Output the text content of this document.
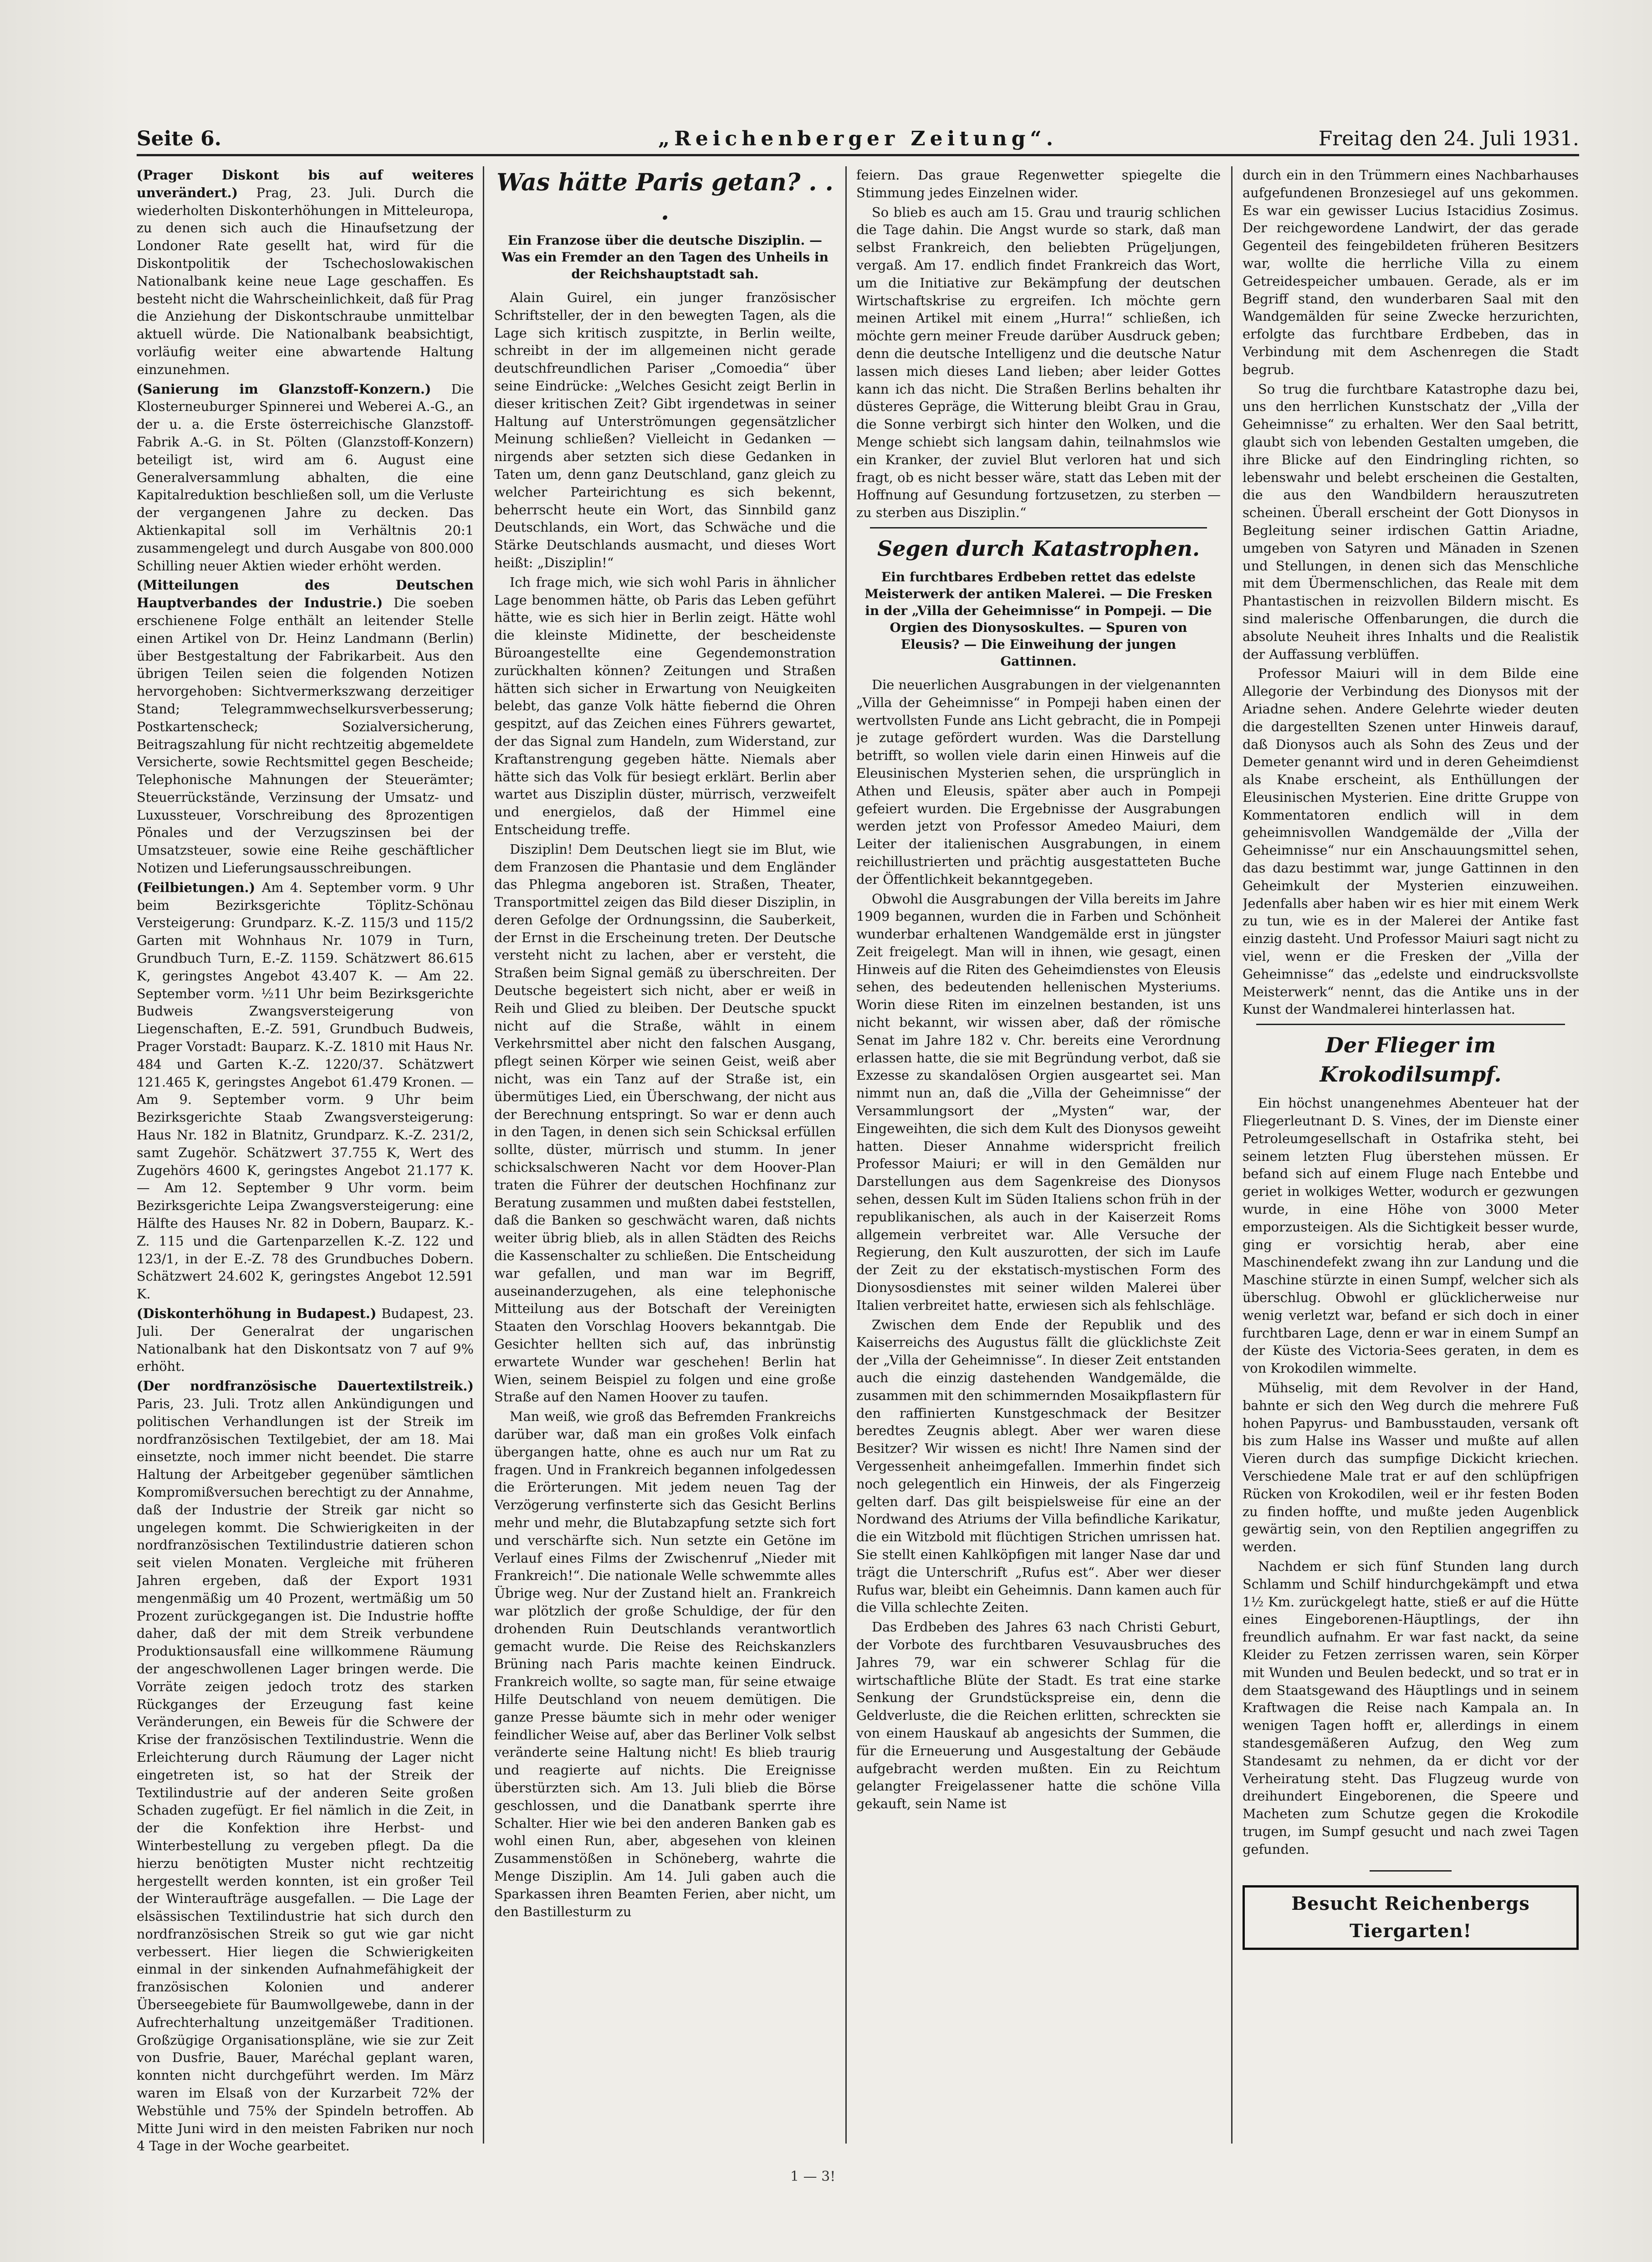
Seite 6.	„Reichenberger Zeitung“.	Freitag den 24. Juli 1931.

(Prager Diskont bis auf weiteres unverändert.) Prag, 23. Juli. Durch die wiederholten Diskonterhöhungen in Mitteleuropa, zu denen sich auch die Hinaufsetzung der Londoner Rate gesellt hat, wird für die Diskontpolitik der Tschechoslowakischen Nationalbank keine neue Lage geschaffen. Es besteht nicht die Wahrscheinlichkeit, daß für Prag die Anziehung der Diskontschraube unmittelbar aktuell würde. Die Nationalbank beabsichtigt, vorläufig weiter eine abwartende Haltung einzunehmen.

(Sanierung im Glanzstoff-Konzern.) Die Klosterneuburger Spinnerei und Weberei A.-G., an der u. a. die Erste österreichische Glanzstoff-Fabrik A.-G. in St. Pölten (Glanzstoff-Konzern) beteiligt ist, wird am 6. August eine Generalversammlung abhalten, die eine Kapitalreduktion beschließen soll, um die Verluste der vergangenen Jahre zu decken. Das Aktienkapital soll im Verhältnis 20:1 zusammengelegt und durch Ausgabe von 800.000 Schilling neuer Aktien wieder erhöht werden.

(Mitteilungen des Deutschen Hauptverbandes der Industrie.) Die soeben erschienene Folge enthält an leitender Stelle einen Artikel von Dr. Heinz Landmann (Berlin) über Bestgestaltung der Fabrikarbeit. Aus den übrigen Teilen seien die folgenden Notizen hervorgehoben: Sichtvermerkszwang derzeitiger Stand; Telegrammwechselkursverbesserung; Postkartenscheck; Sozialversicherung, Beitragszahlung für nicht rechtzeitig abgemeldete Versicherte, sowie Rechtsmittel gegen Bescheide; Telephonische Mahnungen der Steuerämter; Steuerrückstände, Verzinsung der Umsatz- und Luxussteuer, Vorschreibung des 8prozentigen Pönales und der Verzugszinsen bei der Umsatzsteuer, sowie eine Reihe geschäftlicher Notizen und Lieferungsausschreibungen.

(Feilbietungen.) Am 4. September vorm. 9 Uhr beim Bezirksgerichte Töplitz-Schönau Versteigerung: Grundparz. K.-Z. 115/3 und 115/2 Garten mit Wohnhaus Nr. 1079 in Turn, Grundbuch Turn, E.-Z. 1159. Schätzwert 86.615 K, geringstes Angebot 43.407 K. — Am 22. September vorm. ½11 Uhr beim Bezirksgerichte Budweis Zwangsversteigerung von Liegenschaften, E.-Z. 591, Grundbuch Budweis, Prager Vorstadt: Bauparz. K.-Z. 1810 mit Haus Nr. 484 und Garten K.-Z. 1220/37. Schätzwert 121.465 K, geringstes Angebot 61.479 Kronen. — Am 9. September vorm. 9 Uhr beim Bezirksgerichte Staab Zwangsversteigerung: Haus Nr. 182 in Blatnitz, Grundparz. K.-Z. 231/2, samt Zugehör. Schätzwert 37.755 K, Wert des Zugehörs 4600 K, geringstes Angebot 21.177 K. — Am 12. September 9 Uhr vorm. beim Bezirksgerichte Leipa Zwangsversteigerung: eine Hälfte des Hauses Nr. 82 in Dobern, Bauparz. K.-Z. 115 und die Gartenparzellen K.-Z. 122 und 123/1, in der E.-Z. 78 des Grundbuches Dobern. Schätzwert 24.602 K, geringstes Angebot 12.591 K.

(Diskonterhöhung in Budapest.) Budapest, 23. Juli. Der Generalrat der ungarischen Nationalbank hat den Diskontsatz von 7 auf 9% erhöht.

(Der nordfranzösische Dauertextilstreik.) Paris, 23. Juli. Trotz allen Ankündigungen und politischen Verhandlungen ist der Streik im nordfranzösischen Textilgebiet, der am 18. Mai einsetzte, noch immer nicht beendet. Die starre Haltung der Arbeitgeber gegenüber sämtlichen Kompromißversuchen berechtigt zu der Annahme, daß der Industrie der Streik gar nicht so ungelegen kommt. Die Schwierigkeiten in der nordfranzösischen Textilindustrie datieren schon seit vielen Monaten. Vergleiche mit früheren Jahren ergeben, daß der Export 1931 mengenmäßig um 40 Prozent, wertmäßig um 50 Prozent zurückgegangen ist. Die Industrie hoffte daher, daß der mit dem Streik verbundene Produktionsausfall eine willkommene Räumung der angeschwollenen Lager bringen werde. Die Vorräte zeigen jedoch trotz des starken Rückganges der Erzeugung fast keine Veränderungen, ein Beweis für die Schwere der Krise der französischen Textilindustrie. Wenn die Erleichterung durch Räumung der Lager nicht eingetreten ist, so hat der Streik der Textilindustrie auf der anderen Seite großen Schaden zugefügt. Er fiel nämlich in die Zeit, in der die Konfektion ihre Herbst- und Winterbestellung zu vergeben pflegt. Da die hierzu benötigten Muster nicht rechtzeitig hergestellt werden konnten, ist ein großer Teil der Winteraufträge ausgefallen. — Die Lage der elsässischen Textilindustrie hat sich durch den nordfranzösischen Streik so gut wie gar nicht verbessert. Hier liegen die Schwierigkeiten einmal in der sinkenden Aufnahmefähigkeit der französischen Kolonien und anderer Überseegebiete für Baumwollgewebe, dann in der Aufrechterhaltung unzeitgemäßer Traditionen. Großzügige Organisationspläne, wie sie zur Zeit von Dusfrie, Bauer, Maréchal geplant waren, konnten nicht durchgeführt werden. Im März waren im Elsaß von der Kurzarbeit 72% der Webstühle und 75% der Spindeln betroffen. Ab Mitte Juni wird in den meisten Fabriken nur noch 4 Tage in der Woche gearbeitet.

Was hätte Paris getan? . . .
Ein Franzose über die deutsche Disziplin. — Was ein Fremder an den Tagen des Unheils in der Reichshauptstadt sah.

Alain Guirel, ein junger französischer Schriftsteller, der in den bewegten Tagen, als die Lage sich kritisch zuspitzte, in Berlin weilte, schreibt in der im allgemeinen nicht gerade deutschfreundlichen Pariser „Comoedia“ über seine Eindrücke: „Welches Gesicht zeigt Berlin in dieser kritischen Zeit? Gibt irgendetwas in seiner Haltung auf Unterströmungen gegensätzlicher Meinung schließen? Vielleicht in Gedanken — nirgends aber setzten sich diese Gedanken in Taten um, denn ganz Deutschland, ganz gleich zu welcher Parteirichtung es sich bekennt, beherrscht heute ein Wort, das Sinnbild ganz Deutschlands, ein Wort, das Schwäche und die Stärke Deutschlands ausmacht, und dieses Wort heißt: „Disziplin!“

Ich frage mich, wie sich wohl Paris in ähnlicher Lage benommen hätte, ob Paris das Leben geführt hätte, wie es sich hier in Berlin zeigt. Hätte wohl die kleinste Midinette, der bescheidenste Büroangestellte eine Gegendemonstration zurückhalten können? Zeitungen und Straßen hätten sich sicher in Erwartung von Neuigkeiten belebt, das ganze Volk hätte fiebernd die Ohren gespitzt, auf das Zeichen eines Führers gewartet, der das Signal zum Handeln, zum Widerstand, zur Kraftanstrengung gegeben hätte. Niemals aber hätte sich das Volk für besiegt erklärt. Berlin aber wartet aus Disziplin düster, mürrisch, verzweifelt und energielos, daß der Himmel eine Entscheidung treffe.

Disziplin! Dem Deutschen liegt sie im Blut, wie dem Franzosen die Phantasie und dem Engländer das Phlegma angeboren ist. Straßen, Theater, Transportmittel zeigen das Bild dieser Disziplin, in deren Gefolge der Ordnungssinn, die Sauberkeit, der Ernst in die Erscheinung treten. Der Deutsche versteht nicht zu lachen, aber er versteht, die Straßen beim Signal gemäß zu überschreiten. Der Deutsche begeistert sich nicht, aber er weiß in Reih und Glied zu bleiben. Der Deutsche spuckt nicht auf die Straße, wählt in einem Verkehrsmittel aber nicht den falschen Ausgang, pflegt seinen Körper wie seinen Geist, weiß aber nicht, was ein Tanz auf der Straße ist, ein übermütiges Lied, ein Überschwang, der nicht aus der Berechnung entspringt. So war er denn auch in den Tagen, in denen sich sein Schicksal erfüllen sollte, düster, mürrisch und stumm. In jener schicksalschweren Nacht vor dem Hoover-Plan traten die Führer der deutschen Hochfinanz zur Beratung zusammen und mußten dabei feststellen, daß die Banken so geschwächt waren, daß nichts weiter übrig blieb, als in allen Städten des Reichs die Kassenschalter zu schließen. Die Entscheidung war gefallen, und man war im Begriff, auseinanderzugehen, als eine telephonische Mitteilung aus der Botschaft der Vereinigten Staaten den Vorschlag Hoovers bekanntgab. Die Gesichter hellten sich auf, das inbrünstig erwartete Wunder war geschehen! Berlin hat Wien, seinem Beispiel zu folgen und eine große Straße auf den Namen Hoover zu taufen.

Man weiß, wie groß das Befremden Frankreichs darüber war, daß man ein großes Volk einfach übergangen hatte, ohne es auch nur um Rat zu fragen. Und in Frankreich begannen infolgedessen die Erörterungen. Mit jedem neuen Tag der Verzögerung verfinsterte sich das Gesicht Berlins mehr und mehr, die Blutabzapfung setzte sich fort und verschärfte sich. Nun setzte ein Getöne im Verlauf eines Films der Zwischenruf „Nieder mit Frankreich!“. Die nationale Welle schwemmte alles Übrige weg. Nur der Zustand hielt an. Frankreich war plötzlich der große Schuldige, der für den drohenden Ruin Deutschlands verantwortlich gemacht wurde. Die Reise des Reichskanzlers Brüning nach Paris machte keinen Eindruck. Frankreich wollte, so sagte man, für seine etwaige Hilfe Deutschland von neuem demütigen. Die ganze Presse bäumte sich in mehr oder weniger feindlicher Weise auf, aber das Berliner Volk selbst veränderte seine Haltung nicht! Es blieb traurig und reagierte auf nichts. Die Ereignisse überstürzten sich. Am 13. Juli blieb die Börse geschlossen, und die Danatbank sperrte ihre Schalter. Hier wie bei den anderen Banken gab es wohl einen Run, aber, abgesehen von kleinen Zusammenstößen in Schöneberg, wahrte die Menge Disziplin. Am 14. Juli gaben auch die Sparkassen ihren Beamten Ferien, aber nicht, um den Bastillesturm zu

feiern. Das graue Regenwetter spiegelte die Stimmung jedes Einzelnen wider.

So blieb es auch am 15. Grau und traurig schlichen die Tage dahin. Die Angst wurde so stark, daß man selbst Frankreich, den beliebten Prügeljungen, vergaß. Am 17. endlich findet Frankreich das Wort, um die Initiative zur Bekämpfung der deutschen Wirtschaftskrise zu ergreifen. Ich möchte gern meinen Artikel mit einem „Hurra!“ schließen, ich möchte gern meiner Freude darüber Ausdruck geben; denn die deutsche Intelligenz und die deutsche Natur lassen mich dieses Land lieben; aber leider Gottes kann ich das nicht. Die Straßen Berlins behalten ihr düsteres Gepräge, die Witterung bleibt Grau in Grau, die Sonne verbirgt sich hinter den Wolken, und die Menge schiebt sich langsam dahin, teilnahmslos wie ein Kranker, der zuviel Blut verloren hat und sich fragt, ob es nicht besser wäre, statt das Leben mit der Hoffnung auf Gesundung fortzusetzen, zu sterben — zu sterben aus Disziplin.“

Segen durch Katastrophen.
Ein furchtbares Erdbeben rettet das edelste Meisterwerk der antiken Malerei. — Die Fresken in der „Villa der Geheimnisse“ in Pompeji. — Die Orgien des Dionysoskultes. — Spuren von Eleusis? — Die Einweihung der jungen Gattinnen.

Die neuerlichen Ausgrabungen in der vielgenannten „Villa der Geheimnisse“ in Pompeji haben einen der wertvollsten Funde ans Licht gebracht, die in Pompeji je zutage gefördert wurden. Was die Darstellung betrifft, so wollen viele darin einen Hinweis auf die Eleusinischen Mysterien sehen, die ursprünglich in Athen und Eleusis, später aber auch in Pompeji gefeiert wurden. Die Ergebnisse der Ausgrabungen werden jetzt von Professor Amedeo Maiuri, dem Leiter der italienischen Ausgrabungen, in einem reichillustrierten und prächtig ausgestatteten Buche der Öffentlichkeit bekanntgegeben.

Obwohl die Ausgrabungen der Villa bereits im Jahre 1909 begannen, wurden die in Farben und Schönheit wunderbar erhaltenen Wandgemälde erst in jüngster Zeit freigelegt. Man will in ihnen, wie gesagt, einen Hinweis auf die Riten des Geheimdienstes von Eleusis sehen, des bedeutenden hellenischen Mysteriums. Worin diese Riten im einzelnen bestanden, ist uns nicht bekannt, wir wissen aber, daß der römische Senat im Jahre 182 v. Chr. bereits eine Verordnung erlassen hatte, die sie mit Begründung verbot, daß sie Exzesse zu skandalösen Orgien ausgeartet sei. Man nimmt nun an, daß die „Villa der Geheimnisse“ der Versammlungsort der „Mysten“ war, der Eingeweihten, die sich dem Kult des Dionysos geweiht hatten. Dieser Annahme widerspricht freilich Professor Maiuri; er will in den Gemälden nur Darstellungen aus dem Sagenkreise des Dionysos sehen, dessen Kult im Süden Italiens schon früh in der republikanischen, als auch in der Kaiserzeit Roms allgemein verbreitet war. Alle Versuche der Regierung, den Kult auszurotten, der sich im Laufe der Zeit zu der ekstatisch-mystischen Form des Dionysosdienstes mit seiner wilden Malerei über Italien verbreitet hatte, erwiesen sich als fehlschläge.

Zwischen dem Ende der Republik und des Kaiserreichs des Augustus fällt die glücklichste Zeit der „Villa der Geheimnisse“. In dieser Zeit entstanden auch die einzig dastehenden Wandgemälde, die zusammen mit den schimmernden Mosaikpflastern für den raffinierten Kunstgeschmack der Besitzer beredtes Zeugnis ablegt. Aber wer waren diese Besitzer? Wir wissen es nicht! Ihre Namen sind der Vergessenheit anheimgefallen. Immerhin findet sich noch gelegentlich ein Hinweis, der als Fingerzeig gelten darf. Das gilt beispielsweise für eine an der Nordwand des Atriums der Villa befindliche Karikatur, die ein Witzbold mit flüchtigen Strichen umrissen hat. Sie stellt einen Kahlköpfigen mit langer Nase dar und trägt die Unterschrift „Rufus est“. Aber wer dieser Rufus war, bleibt ein Geheimnis. Dann kamen auch für die Villa schlechte Zeiten.

Das Erdbeben des Jahres 63 nach Christi Geburt, der Vorbote des furchtbaren Vesuvausbruches des Jahres 79, war ein schwerer Schlag für die wirtschaftliche Blüte der Stadt. Es trat eine starke Senkung der Grundstückspreise ein, denn die Geldverluste, die die Reichen erlitten, schreckten sie von einem Hauskauf ab angesichts der Summen, die für die Erneuerung und Ausgestaltung der Gebäude aufgebracht werden mußten. Ein zu Reichtum gelangter Freigelassener hatte die schöne Villa gekauft, sein Name ist

durch ein in den Trümmern eines Nachbarhauses aufgefundenen Bronzesiegel auf uns gekommen. Es war ein gewisser Lucius Istacidius Zosimus. Der reichgewordene Landwirt, der das gerade Gegenteil des feingebildeten früheren Besitzers war, wollte die herrliche Villa zu einem Getreidespeicher umbauen. Gerade, als er im Begriff stand, den wunderbaren Saal mit den Wandgemälden für seine Zwecke herzurichten, erfolgte das furchtbare Erdbeben, das in Verbindung mit dem Aschenregen die Stadt begrub.

So trug die furchtbare Katastrophe dazu bei, uns den herrlichen Kunstschatz der „Villa der Geheimnisse“ zu erhalten. Wer den Saal betritt, glaubt sich von lebenden Gestalten umgeben, die ihre Blicke auf den Eindringling richten, so lebenswahr und belebt erscheinen die Gestalten, die aus den Wandbildern herauszutreten scheinen. Überall erscheint der Gott Dionysos in Begleitung seiner irdischen Gattin Ariadne, umgeben von Satyren und Mänaden in Szenen und Stellungen, in denen sich das Menschliche mit dem Übermenschlichen, das Reale mit dem Phantastischen in reizvollen Bildern mischt. Es sind malerische Offenbarungen, die durch die absolute Neuheit ihres Inhalts und die Realistik der Auffassung verblüffen.

Professor Maiuri will in dem Bilde eine Allegorie der Verbindung des Dionysos mit der Ariadne sehen. Andere Gelehrte wieder deuten die dargestellten Szenen unter Hinweis darauf, daß Dionysos auch als Sohn des Zeus und der Demeter genannt wird und in deren Geheimdienst als Knabe erscheint, als Enthüllungen der Eleusinischen Mysterien. Eine dritte Gruppe von Kommentatoren endlich will in dem geheimnisvollen Wandgemälde der „Villa der Geheimnisse“ nur ein Anschauungsmittel sehen, das dazu bestimmt war, junge Gattinnen in den Geheimkult der Mysterien einzuweihen. Jedenfalls aber haben wir es hier mit einem Werk zu tun, wie es in der Malerei der Antike fast einzig dasteht. Und Professor Maiuri sagt nicht zu viel, wenn er die Fresken der „Villa der Geheimnisse“ das „edelste und eindrucksvollste Meisterwerk“ nennt, das die Antike uns in der Kunst der Wandmalerei hinterlassen hat.

Der Flieger im Krokodilsumpf.

Ein höchst unangenehmes Abenteuer hat der Fliegerleutnant D. S. Vines, der im Dienste einer Petroleumgesellschaft in Ostafrika steht, bei seinem letzten Flug überstehen müssen. Er befand sich auf einem Fluge nach Entebbe und geriet in wolkiges Wetter, wodurch er gezwungen wurde, in eine Höhe von 3000 Meter emporzusteigen. Als die Sichtigkeit besser wurde, ging er vorsichtig herab, aber eine Maschinendefekt zwang ihn zur Landung und die Maschine stürzte in einen Sumpf, welcher sich als überschlug. Obwohl er glücklicherweise nur wenig verletzt war, befand er sich doch in einer furchtbaren Lage, denn er war in einem Sumpf an der Küste des Victoria-Sees geraten, in dem es von Krokodilen wimmelte.

Mühselig, mit dem Revolver in der Hand, bahnte er sich den Weg durch die mehrere Fuß hohen Papyrus- und Bambusstauden, versank oft bis zum Halse ins Wasser und mußte auf allen Vieren durch das sumpfige Dickicht kriechen. Verschiedene Male trat er auf den schlüpfrigen Rücken von Krokodilen, weil er ihr festen Boden zu finden hoffte, und mußte jeden Augenblick gewärtig sein, von den Reptilien angegriffen zu werden.

Nachdem er sich fünf Stunden lang durch Schlamm und Schilf hindurchgekämpft und etwa 1½ Km. zurückgelegt hatte, stieß er auf die Hütte eines Eingeborenen-Häuptlings, der ihn freundlich aufnahm. Er war fast nackt, da seine Kleider zu Fetzen zerrissen waren, sein Körper mit Wunden und Beulen bedeckt, und so trat er in dem Staatsgewand des Häuptlings und in seinem Kraftwagen die Reise nach Kampala an. In wenigen Tagen hofft er, allerdings in einem standesgemäßeren Aufzug, den Weg zum Standesamt zu nehmen, da er dicht vor der Verheiratung steht. Das Flugzeug wurde von dreihundert Eingeborenen, die Speere und Macheten zum Schutze gegen die Krokodile trugen, im Sumpf gesucht und nach zwei Tagen gefunden.

Besucht Reichenbergs Tiergarten!
1 — 3!
